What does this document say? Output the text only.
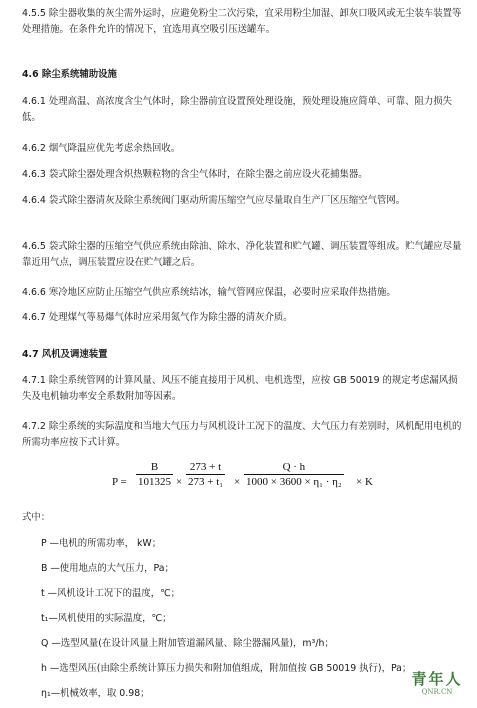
4.5.5 除尘器收集的灰尘需外运时，应避免粉尘二次污染，宜采用粉尘加湿、卸灰口吸风或无尘装车装置等处理措施。在条件允许的情况下，宜选用真空吸引压送罐车。

4.6 除尘系统辅助设施

4.6.1 处理高温、高浓度含尘气体时，除尘器前宜设置预处理设施，预处理设施应简单、可靠、阻力损失低。

4.6.2 烟气降温应优先考虑余热回收。

4.6.3 袋式除尘器处理含炽热颗粒物的含尘气体时，在除尘器之前应设火花捕集器。

4.6.4 袋式除尘器清灰及除尘系统阀门驱动所需压缩空气应尽量取自生产厂区压缩空气管网。

4.6.5 袋式除尘器的压缩空气供应系统由除油、除水、净化装置和贮气罐、调压装置等组成。贮气罐应尽量靠近用气点，调压装置应设在贮气罐之后。

4.6.6 寒冷地区应防止压缩空气供应系统结冰，输气管网应保温，必要时应采取伴热措施。

4.6.7 处理煤气等易爆气体时应采用氮气作为除尘器的清灰介质。

4.7 风机及调速装置

4.7.1 除尘系统管网的计算风量、风压不能直接用于风机、电机选型，应按 GB 50019 的规定考虑漏风损失及电机轴功率安全系数附加等因素。

4.7.2 除尘系统的实际温度和当地大气压力与风机设计工况下的温度、大气压力有差别时，风机配用电机的所需功率应按下式计算。

$P = \frac{B}{101325} \times \frac{273 + t}{\text{273 + t₁}} \times \frac{Q \cdot h}{\text{1000 × 3600 × η₁ · η₂}} \times K$

式中：

P —电机的所需功率， kW；

B —使用地点的大气压力，Pa；

t —风机设计工况下的温度，℃；

t₁—风机使用的实际温度，℃；

Q —选型风量(在设计风量上附加管道漏风量、除尘器漏风量)，m³/h；

h —选型风压(由除尘系统计算压力损失和附加值组成，附加值按 GB 50019 执行)，Pa；

η₁—机械效率，取 0.98；

青年人
QNR.CN
